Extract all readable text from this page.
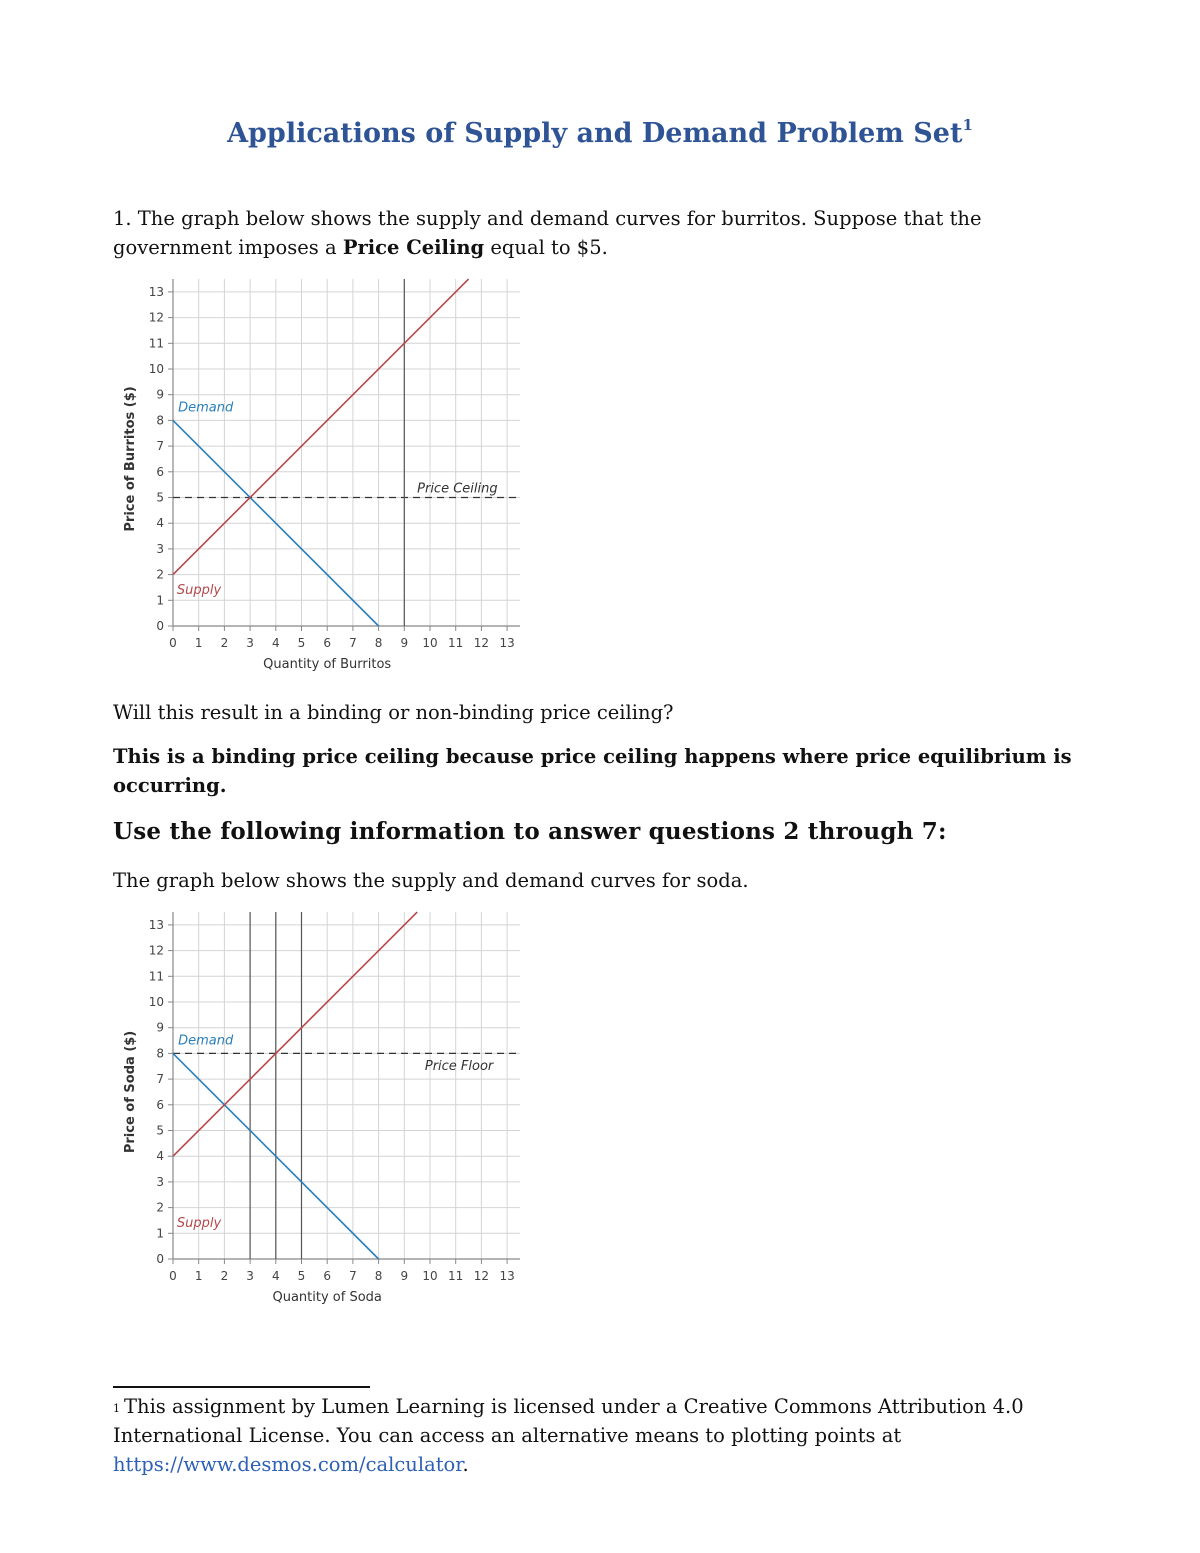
Applications of Supply and Demand Problem Set$^1$
1. The graph below shows the supply and demand curves for burritos. Suppose that the government imposes a Price Ceiling equal to $5.
0 1 2 3 4 5 6 7 8 9 10 11 12 13
0
1
2
3
4
5
6
7
8
9
10
11
12
13
Quantity of Burritos
Price of Burritos ($)	Price Ceiling
Demand
Supply
Will this result in a binding or non-binding price ceiling?
This is a binding price ceiling because price ceiling happens where price equilibrium is occurring.
Use the following information to answer questions 2 through 7:
The graph below shows the supply and demand curves for soda.
0 1 2 3 4 5 6 7 8 9 10 11 12 13
0
1
2
3
4
5
6
7
8
9
10
11
12
13
Quantity of Soda
Price of Soda ($)	Price Floor
Demand
Supply
$^1$ This assignment by Lumen Learning is licensed under a Creative Commons Attribution 4.0 International License. You can access an alternative means to plotting points at https://www.desmos.com/calculator.
